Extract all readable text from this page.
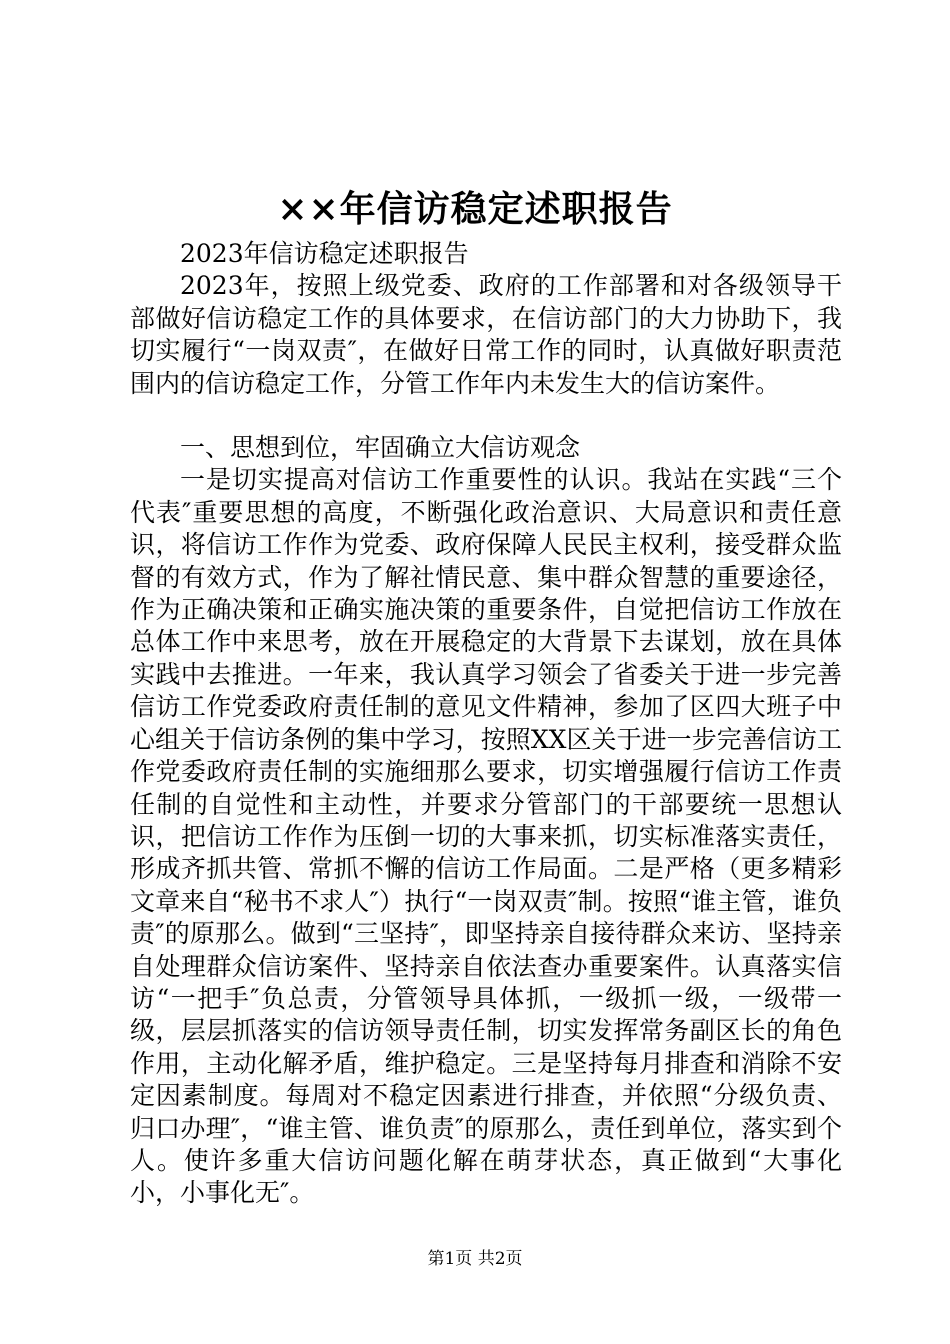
××年信访稳定述职报告

2023年信访稳定述职报告

2023年，按照上级党委、政府的工作部署和对各级领导干部做好信访稳定工作的具体要求，在信访部门的大力协助下，我切实履行“一岗双责″，在做好日常工作的同时，认真做好职责范围内的信访稳定工作，分管工作年内未发生大的信访案件。

一、思想到位，牢固确立大信访观念

一是切实提高对信访工作重要性的认识。我站在实践“三个代表″重要思想的高度，不断强化政治意识、大局意识和责任意识，将信访工作作为党委、政府保障人民民主权利，接受群众监督的有效方式，作为了解社情民意、集中群众智慧的重要途径，作为正确决策和正确实施决策的重要条件，自觉把信访工作放在总体工作中来思考，放在开展稳定的大背景下去谋划，放在具体实践中去推进。一年来，我认真学习领会了省委关于进一步完善信访工作党委政府责任制的意见文件精神，参加了区四大班子中心组关于信访条例的集中学习，按照XX区关于进一步完善信访工作党委政府责任制的实施细那么要求，切实增强履行信访工作责任制的自觉性和主动性，并要求分管部门的干部要统一思想认识，把信访工作作为压倒一切的大事来抓，切实标准落实责任，形成齐抓共管、常抓不懈的信访工作局面。二是严格（更多精彩文章来自“秘书不求人″）执行“一岗双责″制。按照“谁主管，谁负责″的原那么。做到“三坚持″，即坚持亲自接待群众来访、坚持亲自处理群众信访案件、坚持亲自依法查办重要案件。认真落实信访“一把手″负总责，分管领导具体抓，一级抓一级，一级带一级，层层抓落实的信访领导责任制，切实发挥常务副区长的角色作用，主动化解矛盾，维护稳定。三是坚持每月排查和消除不安定因素制度。每周对不稳定因素进行排查，并依照“分级负责、归口办理″，“谁主管、谁负责″的原那么，责任到单位，落实到个人。使许多重大信访问题化解在萌芽状态，真正做到“大事化小，小事化无″。

第1页 共2页
